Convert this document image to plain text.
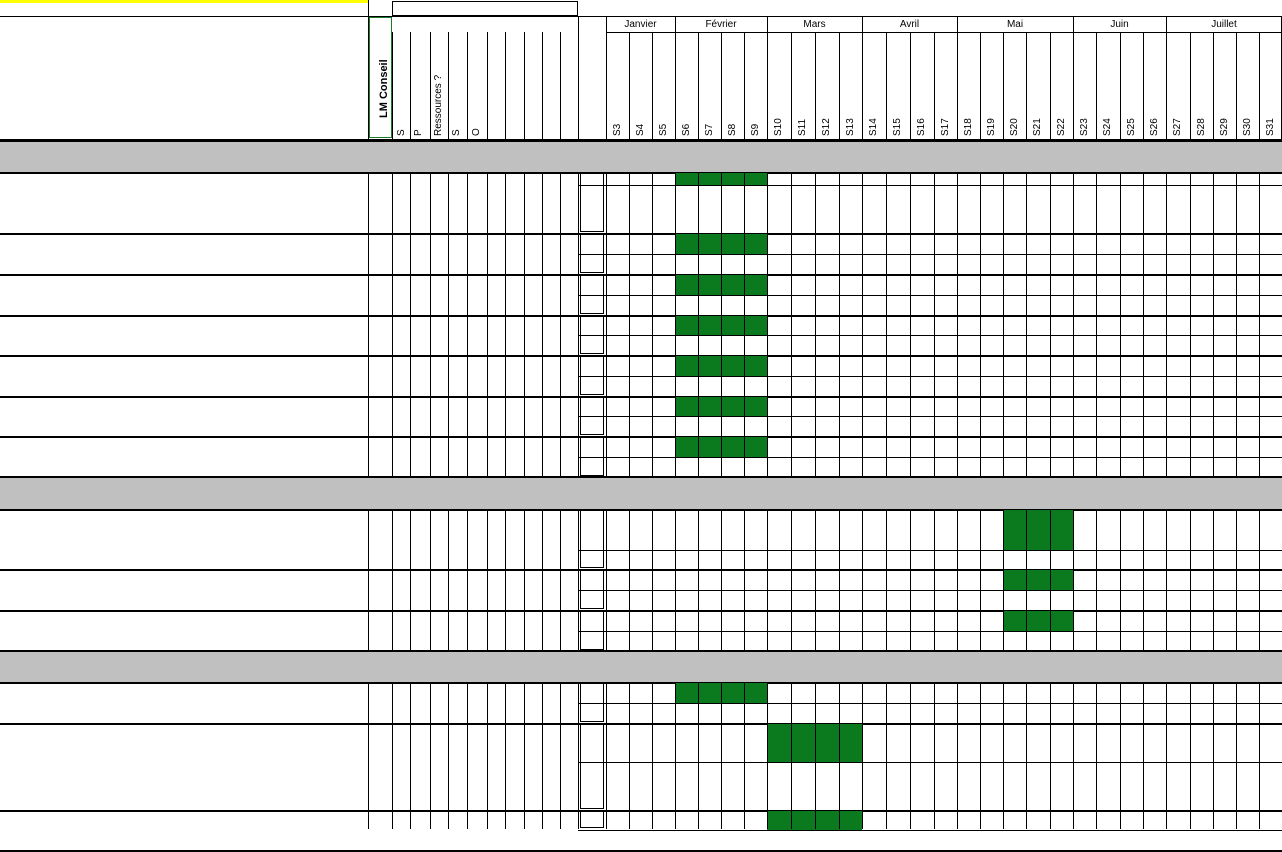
LM Conseil
S P Ressources ? S O
Janvier	Février	Mars	Avril	Mai	Juin	Juillet
S3 S4 S5 S6 S7 S8 S9 S10 S11 S12 S13 S14 S15 S16 S17 S18 S19 S20 S21 S22 S23 S24 S25 S26 S27 S28 S29 S30 S31
